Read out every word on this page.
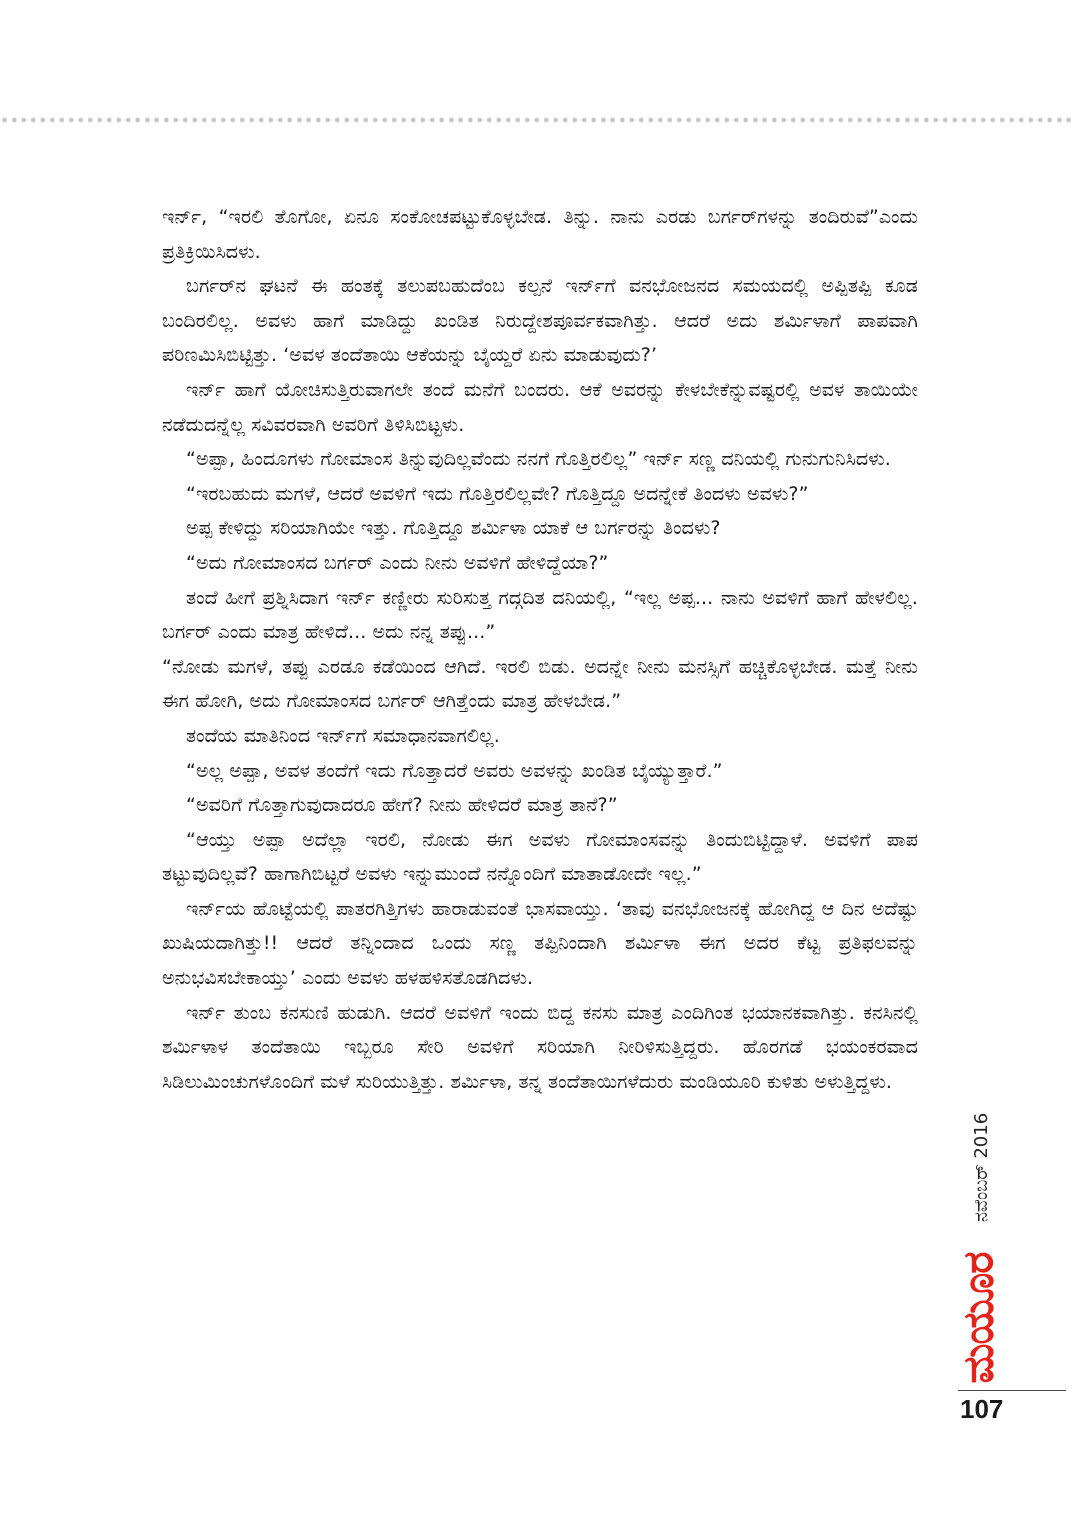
ಇರ್ನ್, “ಇರಲಿ ತೊಗೋ, ಏನೂ ಸಂಕೋಚಪಟ್ಟುಕೊಳ್ಳಬೇಡ. ತಿನ್ನು. ನಾನು ಎರಡು ಬರ್ಗರ್‌ಗಳನ್ನು ತಂದಿರುವೆ”ಎಂದು ಪ್ರತಿಕ್ರಿಯಿಸಿದಳು.

ಬರ್ಗರ್‌ನ ಘಟನೆ ಈ ಹಂತಕ್ಕೆ ತಲುಪಬಹುದೆಂಬ ಕಲ್ಪನೆ ಇರ್ನ್‌ಗೆ ವನಭೋಜನದ ಸಮಯದಲ್ಲಿ ಅಪ್ಪಿತಪ್ಪಿ ಕೂಡ ಬಂದಿರಲಿಲ್ಲ. ಅವಳು ಹಾಗೆ ಮಾಡಿದ್ದು ಖಂಡಿತ ನಿರುದ್ದೇಶಪೂರ್ವಕವಾಗಿತ್ತು. ಆದರೆ ಅದು ಶರ್ಮಿಳಾಗೆ ಪಾಪವಾಗಿ ಪರಿಣಮಿಸಿಬಿಟ್ಟಿತ್ತು. ‘ಅವಳ ತಂದೆತಾಯಿ ಆಕೆಯನ್ನು ಬೈಯ್ದರೆ ಏನು ಮಾಡುವುದು?’

ಇರ್ನ್ ಹಾಗೆ ಯೋಚಿಸುತ್ತಿರುವಾಗಲೇ ತಂದೆ ಮನೆಗೆ ಬಂದರು. ಆಕೆ ಅವರನ್ನು ಕೇಳಬೇಕೆನ್ನುವಷ್ಟರಲ್ಲಿ ಅವಳ ತಾಯಿಯೇ ನಡೆದುದನ್ನೆಲ್ಲ ಸವಿವರವಾಗಿ ಅವರಿಗೆ ತಿಳಿಸಿಬಿಟ್ಟಳು.

“ಅಪ್ಪಾ, ಹಿಂದೂಗಳು ಗೋಮಾಂಸ ತಿನ್ನುವುದಿಲ್ಲವೆಂದು ನನಗೆ ಗೊತ್ತಿರಲಿಲ್ಲ” ಇರ್ನ್ ಸಣ್ಣ ದನಿಯಲ್ಲಿ ಗುನುಗುನಿಸಿದಳು.

“ಇರಬಹುದು ಮಗಳೆ, ಆದರೆ ಅವಳಿಗೆ ಇದು ಗೊತ್ತಿರಲಿಲ್ಲವೇ? ಗೊತ್ತಿದ್ದೂ ಅದನ್ನೇಕೆ ತಿಂದಳು ಅವಳು?”

ಅಪ್ಪ ಕೇಳಿದ್ದು ಸರಿಯಾಗಿಯೇ ಇತ್ತು. ಗೊತ್ತಿದ್ದೂ ಶರ್ಮಿಳಾ ಯಾಕೆ ಆ ಬರ್ಗರನ್ನು ತಿಂದಳು?

“ಅದು ಗೋಮಾಂಸದ ಬರ್ಗರ್ ಎಂದು ನೀನು ಅವಳಿಗೆ ಹೇಳಿದ್ದೆಯಾ?”

ತಂದೆ ಹೀಗೆ ಪ್ರಶ್ನಿಸಿದಾಗ ಇರ್ನ್ ಕಣ್ಣೀರು ಸುರಿಸುತ್ತ ಗದ್ಗದಿತ ದನಿಯಲ್ಲಿ, “ಇಲ್ಲ ಅಪ್ಪ... ನಾನು ಅವಳಿಗೆ ಹಾಗೆ ಹೇಳಲಿಲ್ಲ. ಬರ್ಗರ್ ಎಂದು ಮಾತ್ರ ಹೇಳಿದೆ... ಅದು ನನ್ನ ತಪ್ಪು...”

“ನೋಡು ಮಗಳೆ, ತಪ್ಪು ಎರಡೂ ಕಡೆಯಿಂದ ಆಗಿದೆ. ಇರಲಿ ಬಿಡು. ಅದನ್ನೇ ನೀನು ಮನಸ್ಸಿಗೆ ಹಚ್ಚಿಕೊಳ್ಳಬೇಡ. ಮತ್ತೆ ನೀನು ಈಗ ಹೋಗಿ, ಅದು ಗೋಮಾಂಸದ ಬರ್ಗರ್ ಆಗಿತ್ತೆಂದು ಮಾತ್ರ ಹೇಳಬೇಡ.”

ತಂದೆಯ ಮಾತಿನಿಂದ ಇರ್ನ್‌ಗೆ ಸಮಾಧಾನವಾಗಲಿಲ್ಲ.

“ಅಲ್ಲ ಅಪ್ಪಾ, ಅವಳ ತಂದೆಗೆ ಇದು ಗೊತ್ತಾದರೆ ಅವರು ಅವಳನ್ನು ಖಂಡಿತ ಬೈಯ್ಯುತ್ತಾರೆ.”

“ಅವರಿಗೆ ಗೊತ್ತಾಗುವುದಾದರೂ ಹೇಗೆ? ನೀನು ಹೇಳಿದರೆ ಮಾತ್ರ ತಾನೆ?”

“ಆಯ್ತು ಅಪ್ಪಾ ಅದೆಲ್ಲಾ ಇರಲಿ, ನೋಡು ಈಗ ಅವಳು ಗೋಮಾಂಸವನ್ನು ತಿಂದುಬಿಟ್ಟಿದ್ದಾಳೆ. ಅವಳಿಗೆ ಪಾಪ ತಟ್ಟುವುದಿಲ್ಲವೆ? ಹಾಗಾಗಿಬಿಟ್ಟರೆ ಅವಳು ಇನ್ನುಮುಂದೆ ನನ್ನೊಂದಿಗೆ ಮಾತಾಡೋದೇ ಇಲ್ಲ.”

ಇರ್ನ್‌ಯ ಹೊಟ್ಟೆಯಲ್ಲಿ ಪಾತರಗಿತ್ತಿಗಳು ಹಾರಾಡುವಂತೆ ಭಾಸವಾಯ್ತು. ‘ತಾವು ವನಭೋಜನಕ್ಕೆ ಹೋಗಿದ್ದ ಆ ದಿನ ಅದೆಷ್ಟು ಖುಷಿಯದಾಗಿತ್ತು!! ಆದರೆ ತನ್ನಿಂದಾದ ಒಂದು ಸಣ್ಣ ತಪ್ಪಿನಿಂದಾಗಿ ಶರ್ಮಿಳಾ ಈಗ ಅದರ ಕೆಟ್ಟ ಪ್ರತಿಫಲವನ್ನು ಅನುಭವಿಸಬೇಕಾಯ್ತು’ ಎಂದು ಅವಳು ಹಳಹಳಿಸತೊಡಗಿದಳು.

ಇರ್ನ್ ತುಂಬ ಕನಸುಣಿ ಹುಡುಗಿ. ಆದರೆ ಅವಳಿಗೆ ಇಂದು ಬಿದ್ದ ಕನಸು ಮಾತ್ರ ಎಂದಿಗಿಂತ ಭಯಾನಕವಾಗಿತ್ತು. ಕನಸಿನಲ್ಲಿ ಶರ್ಮಿಳಾಳ ತಂದೆತಾಯಿ ಇಬ್ಬರೂ ಸೇರಿ ಅವಳಿಗೆ ಸರಿಯಾಗಿ ನೀರಿಳಿಸುತ್ತಿದ್ದರು. ಹೊರಗಡೆ ಭಯಂಕರವಾದ ಸಿಡಿಲುಮಿಂಚುಗಳೊಂದಿಗೆ ಮಳೆ ಸುರಿಯುತ್ತಿತ್ತು. ಶರ್ಮಿಳಾ, ತನ್ನ ತಂದೆತಾಯಿಗಳೆದುರು ಮಂಡಿಯೂರಿ ಕುಳಿತು ಅಳುತ್ತಿದ್ದಳು.

ನವೆಂಬರ್ 2016
ಮಯೂರ
107
